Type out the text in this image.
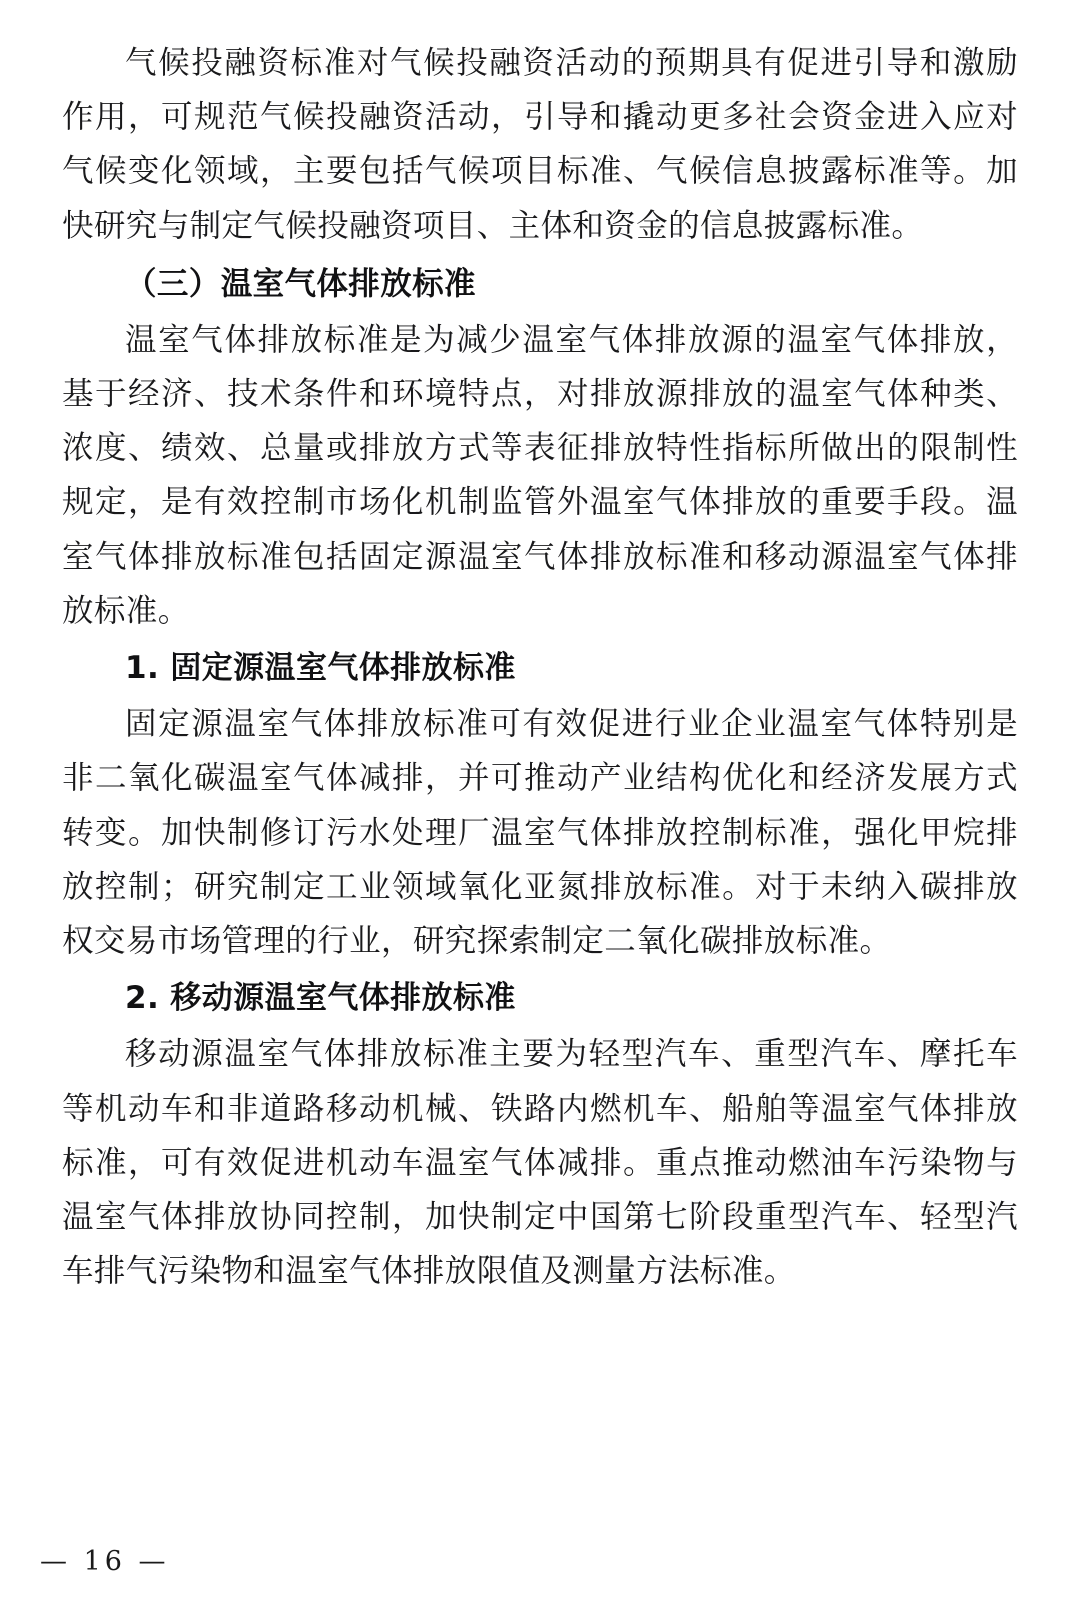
气候投融资标准对气候投融资活动的预期具有促进引导和激励作用，可规范气候投融资活动，引导和撬动更多社会资金进入应对气候变化领域，主要包括气候项目标准、气候信息披露标准等。加快研究与制定气候投融资项目、主体和资金的信息披露标准。

（三）温室气体排放标准

温室气体排放标准是为减少温室气体排放源的温室气体排放，基于经济、技术条件和环境特点，对排放源排放的温室气体种类、浓度、绩效、总量或排放方式等表征排放特性指标所做出的限制性规定，是有效控制市场化机制监管外温室气体排放的重要手段。温室气体排放标准包括固定源温室气体排放标准和移动源温室气体排放标准。

1. 固定源温室气体排放标准

固定源温室气体排放标准可有效促进行业企业温室气体特别是非二氧化碳温室气体减排，并可推动产业结构优化和经济发展方式转变。加快制修订污水处理厂温室气体排放控制标准，强化甲烷排放控制；研究制定工业领域氧化亚氮排放标准。对于未纳入碳排放权交易市场管理的行业，研究探索制定二氧化碳排放标准。

2. 移动源温室气体排放标准

移动源温室气体排放标准主要为轻型汽车、重型汽车、摩托车等机动车和非道路移动机械、铁路内燃机车、船舶等温室气体排放标准，可有效促进机动车温室气体减排。重点推动燃油车污染物与温室气体排放协同控制，加快制定中国第七阶段重型汽车、轻型汽车排气污染物和温室气体排放限值及测量方法标准。

— 16 —
